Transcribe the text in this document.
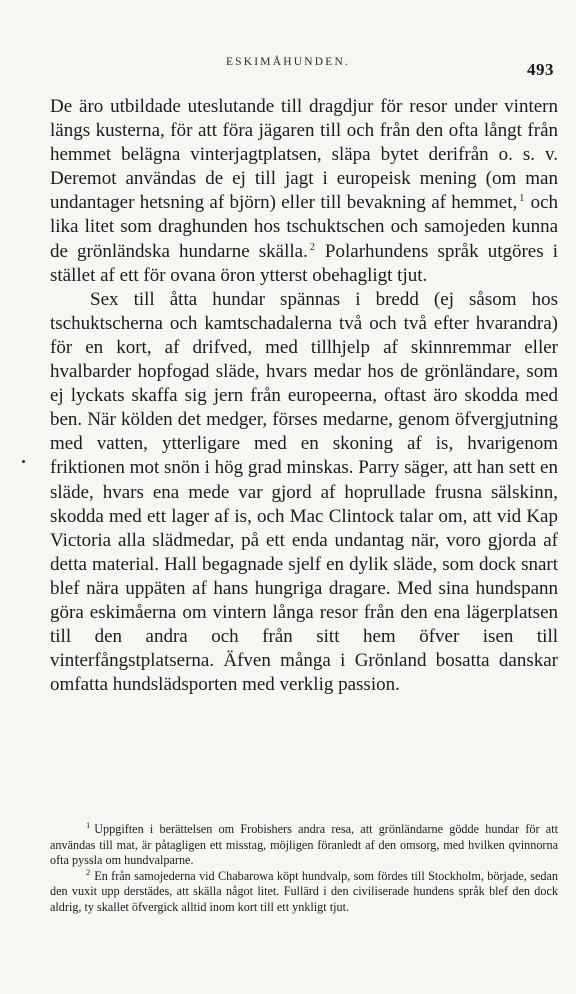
ESKIMÅHUNDEN.	493

De äro utbildade uteslutande till dragdjur för resor under vintern längs kusterna, för att föra jägaren till och från den ofta långt från hemmet belägna vinterjagtplatsen, släpa bytet derifrån o. s. v. Deremot användas de ej till jagt i europeisk mening (om man undantager hetsning af björn) eller till bevakning af hemmet, $^1$ och lika litet som draghunden hos tschuktschen och samojeden kunna de grönländska hundarne skälla. $^2$ Polarhundens språk utgöres i stället af ett för ovana öron ytterst obehagligt tjut.

Sex till åtta hundar spännas i bredd (ej såsom hos tschuktscherna och kamtschadalerna två och två efter hvarandra) för en kort, af drifved, med tillhjelp af skinnremmar eller hvalbarder hopfogad släde, hvars medar hos de grönländare, som ej lyckats skaffa sig jern från europeerna, oftast äro skodda med ben. När kölden det medger, förses medarne, genom öfvergjutning med vatten, ytterligare med en skoning af is, hvarigenom friktionen mot snön i hög grad minskas. Parry säger, att han sett en släde, hvars ena mede var gjord af hoprullade frusna sälskinn, skodda med ett lager af is, och Mac Clintock talar om, att vid Kap Victoria alla slädmedar, på ett enda undantag när, voro gjorda af detta material. Hall begagnade sjelf en dylik släde, som dock snart blef nära uppäten af hans hungriga dragare. Med sina hundspann göra eskimåerna om vintern långa resor från den ena lägerplatsen till den andra och från sitt hem öfver isen till vinterfångstplatserna. Äfven många i Grönland bosatta danskar omfatta hundslädsporten med verklig passion.

$^1$ Uppgiften i berättelsen om Frobishers andra resa, att grönländarne gödde hundar för att användas till mat, är påtagligen ett misstag, möjligen föranledt af den omsorg, med hvilken qvinnorna ofta pyssla om hundvalparne.

$^2$ En från samojederna vid Chabarowa köpt hundvalp, som fördes till Stockholm, började, sedan den vuxit upp derstädes, att skälla något litet. Fullärd i den civiliserade hundens språk blef den dock aldrig, ty skallet öfvergick alltid inom kort till ett ynkligt tjut.
